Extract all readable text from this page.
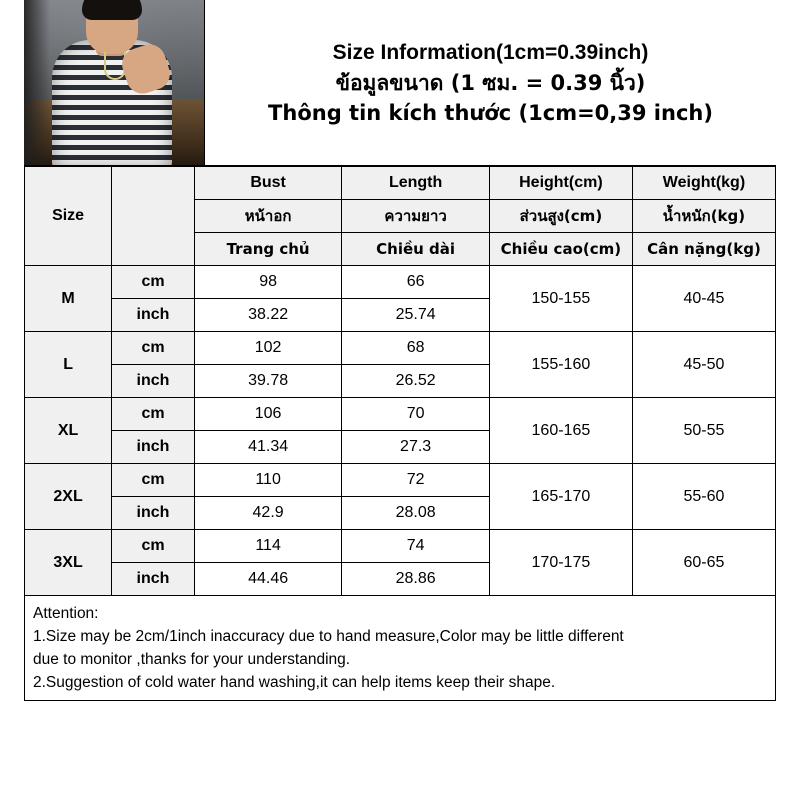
Size Information(1cm=0.39inch)
ข้อมูลขนาด (1 ซม. = 0.39 นิ้ว)
Thông tin kích thước (1cm=0,39 inch)
Size		Bust	Length	Height(cm)	Weight(kg)
		หน้าอก	ความยาว	ส่วนสูง(cm)	น้ำหนัก(kg)
		Trang chủ	Chiều dài	Chiều cao(cm)	Cân nặng(kg)
M	cm	98	66	150-155	40-45
	inch	38.22	25.74		
L	cm	102	68	155-160	45-50
	inch	39.78	26.52		
XL	cm	106	70	160-165	50-55
	inch	41.34	27.3		
2XL	cm	110	72	165-170	55-60
	inch	42.9	28.08		
3XL	cm	114	74	170-175	60-65
	inch	44.46	28.86		
Attention:
1.Size may be 2cm/1inch inaccuracy due to hand measure,Color may be little different
due to monitor ,thanks for your understanding.
2.Suggestion of cold water hand washing,it can help items keep their shape.
